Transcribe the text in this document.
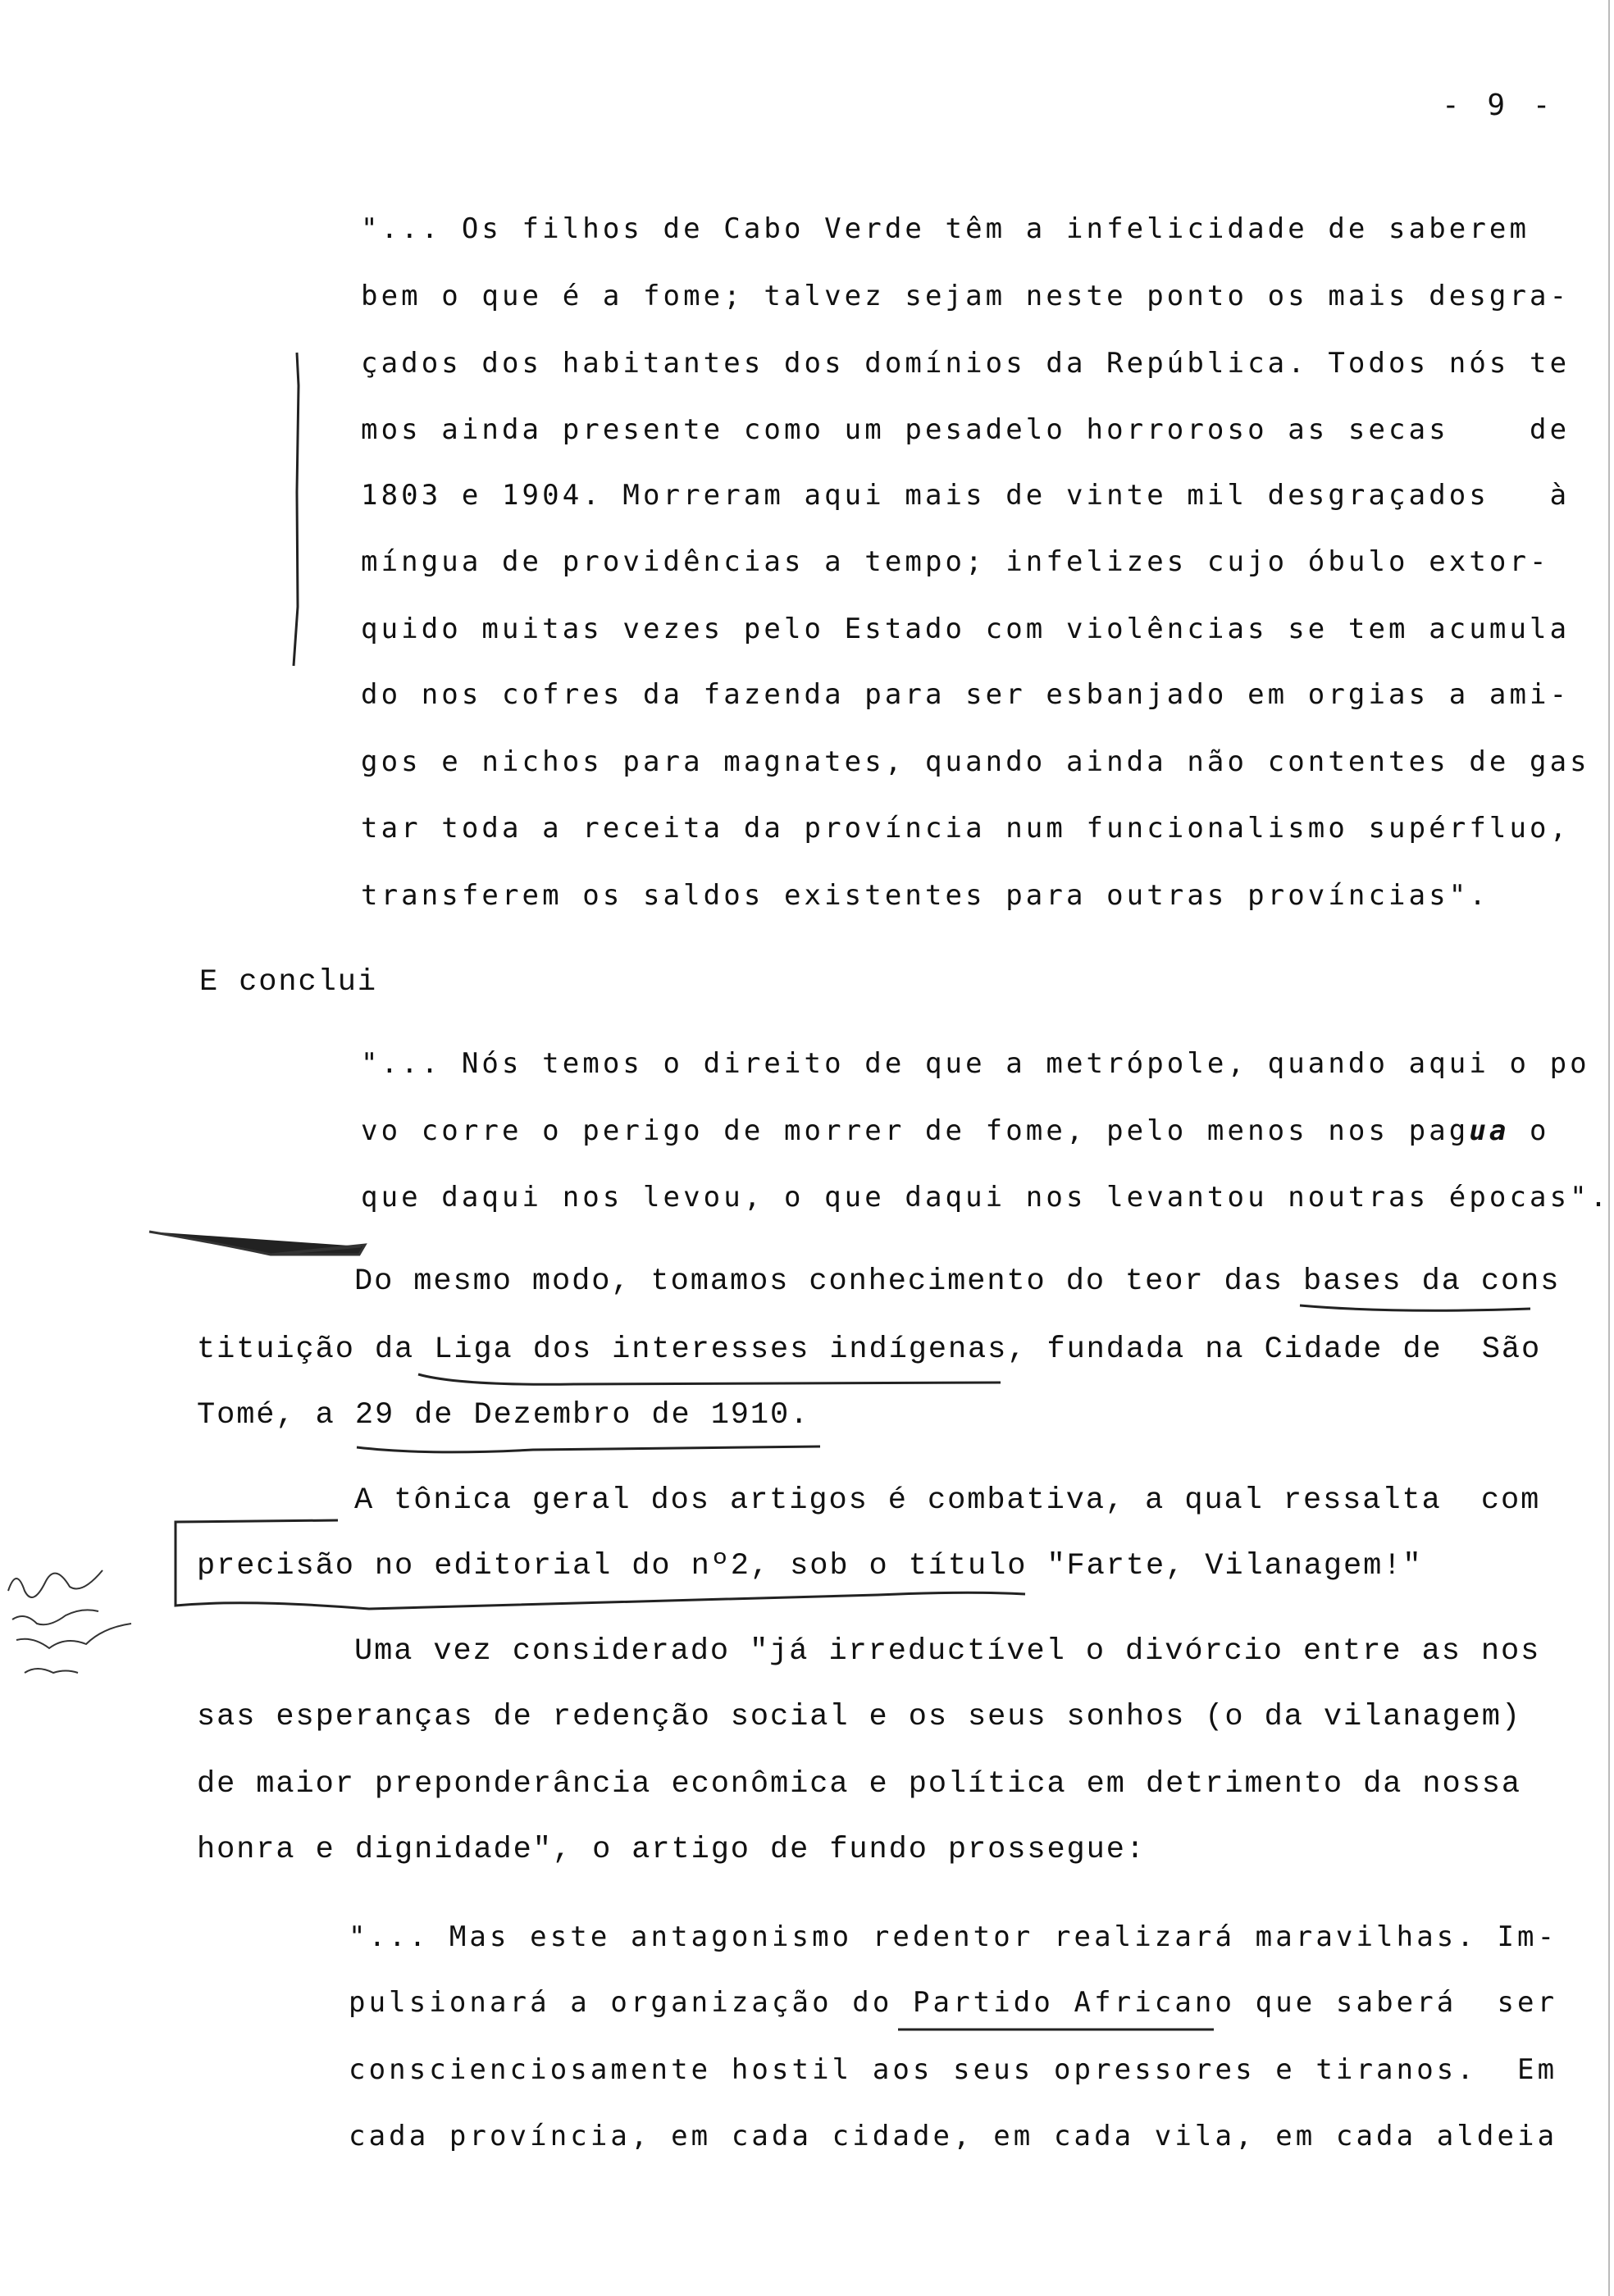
- 9 -
"... Os filhos de Cabo Verde têm a infelicidade de saberem
bem o que é a fome; talvez sejam neste ponto os mais desgra-
çados dos habitantes dos domínios da República. Todos nós te
mos ainda presente como um pesadelo horroroso as secas    de
1803 e 1904. Morreram aqui mais de vinte mil desgraçados   à
míngua de providências a tempo; infelizes cujo óbulo extor-
quido muitas vezes pelo Estado com violências se tem acumula
do nos cofres da fazenda para ser esbanjado em orgias a ami-
gos e nichos para magnates, quando ainda não contentes de gas
tar toda a receita da província num funcionalismo supérfluo,
transferem os saldos existentes para outras províncias".
E conclui
"... Nós temos o direito de que a metrópole, quando aqui o po
vo corre o perigo de morrer de fome, pelo menos nos pagua o
que daqui nos levou, o que daqui nos levantou noutras épocas".
Do mesmo modo, tomamos conhecimento do teor das bases da cons
tituição da Liga dos interesses indígenas, fundada na Cidade de  São
Tomé, a 29 de Dezembro de 1910.
A tônica geral dos artigos é combativa, a qual ressalta  com
precisão no editorial do nº2, sob o título "Farte, Vilanagem!"
Uma vez considerado "já irreductível o divórcio entre as nos
sas esperanças de redenção social e os seus sonhos (o da vilanagem)
de maior preponderância econômica e política em detrimento da nossa
honra e dignidade", o artigo de fundo prossegue:
"... Mas este antagonismo redentor realizará maravilhas. Im-
pulsionará a organização do Partido Africano que saberá  ser
conscienciosamente hostil aos seus opressores e tiranos.  Em
cada província, em cada cidade, em cada vila, em cada aldeia
